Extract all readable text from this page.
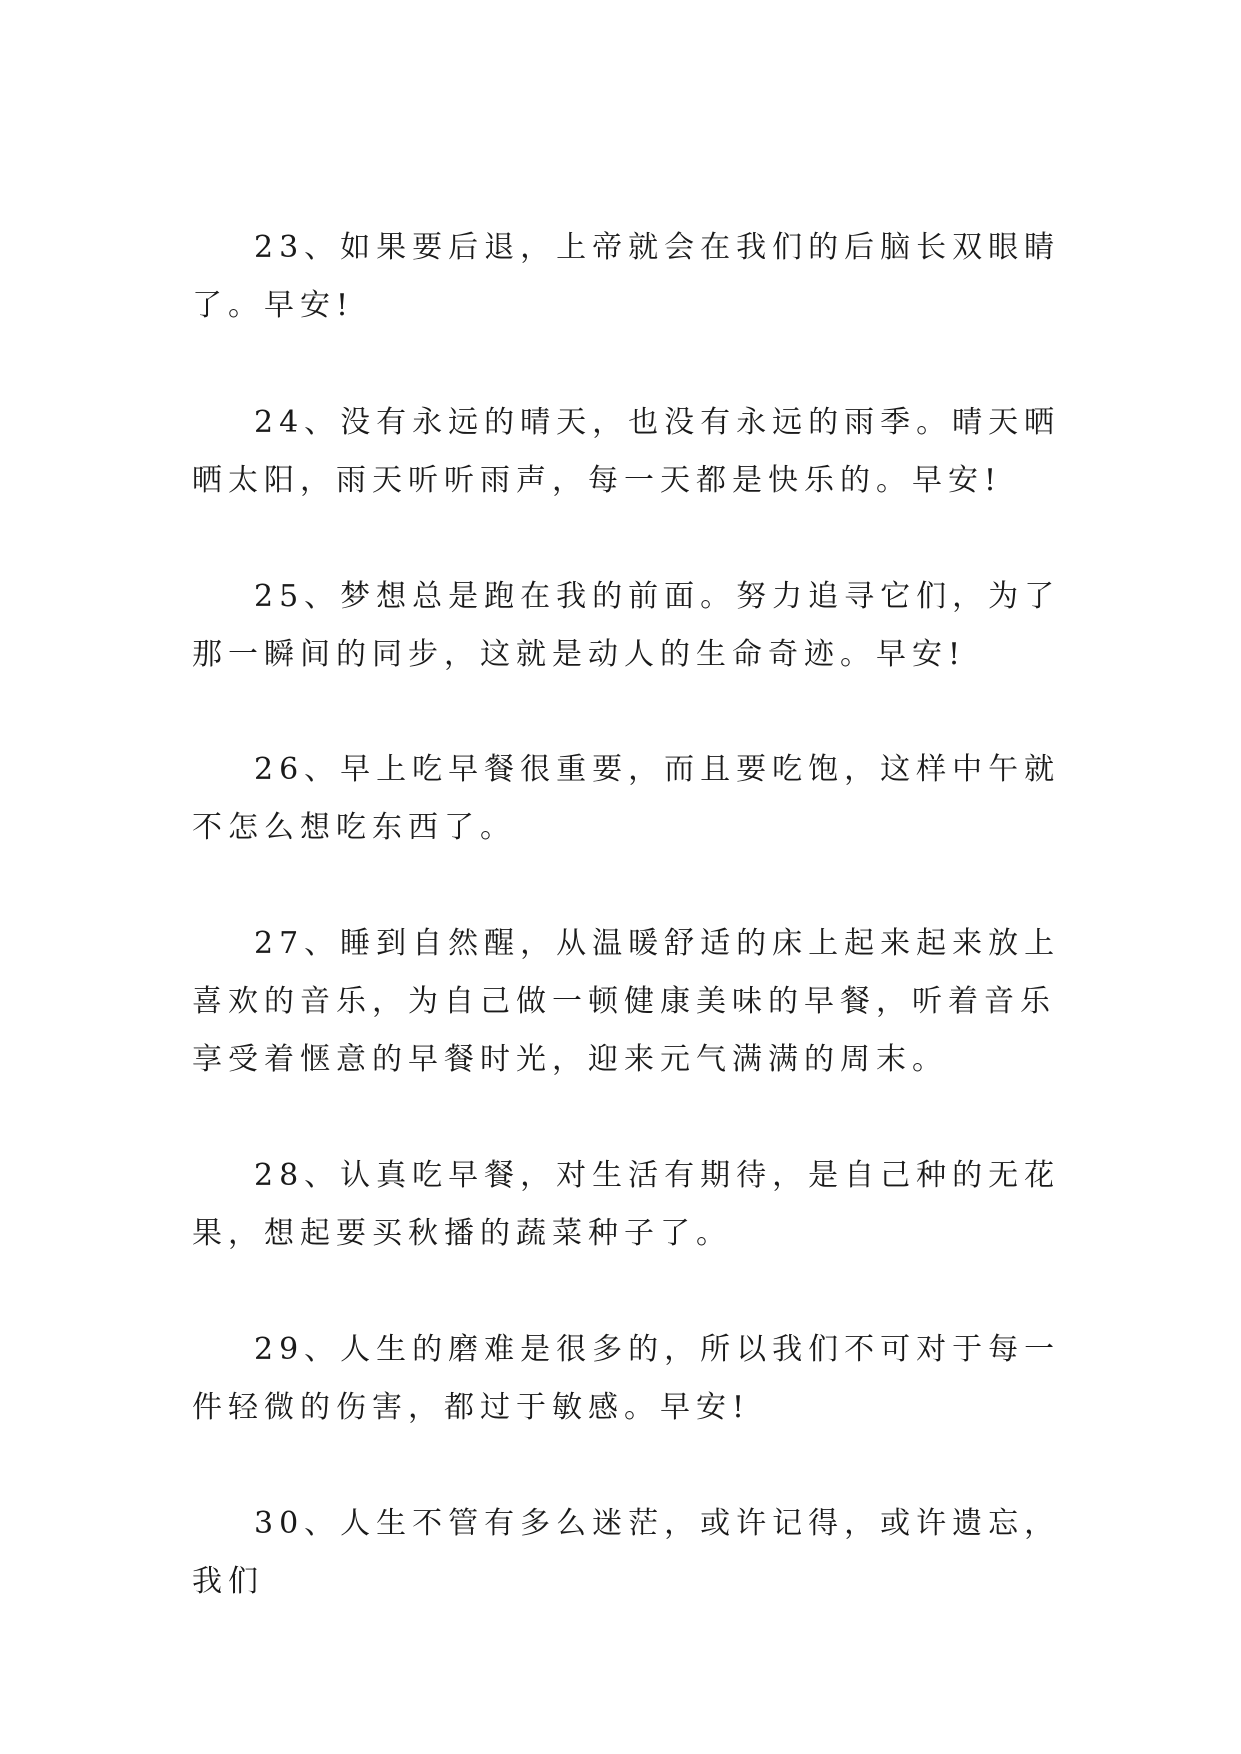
23、如果要后退，上帝就会在我们的后脑长双眼睛了。早安!

24、没有永远的晴天，也没有永远的雨季。晴天晒晒太阳，雨天听听雨声，每一天都是快乐的。早安!

25、梦想总是跑在我的前面。努力追寻它们，为了那一瞬间的同步，这就是动人的生命奇迹。早安!

26、早上吃早餐很重要，而且要吃饱，这样中午就不怎么想吃东西了。

27、睡到自然醒，从温暖舒适的床上起来起来放上喜欢的音乐，为自己做一顿健康美味的早餐，听着音乐享受着惬意的早餐时光，迎来元气满满的周末。

28、认真吃早餐，对生活有期待，是自己种的无花果，想起要买秋播的蔬菜种子了。

29、人生的磨难是很多的，所以我们不可对于每一件轻微的伤害，都过于敏感。早安!

30、人生不管有多么迷茫，或许记得，或许遗忘，我们
